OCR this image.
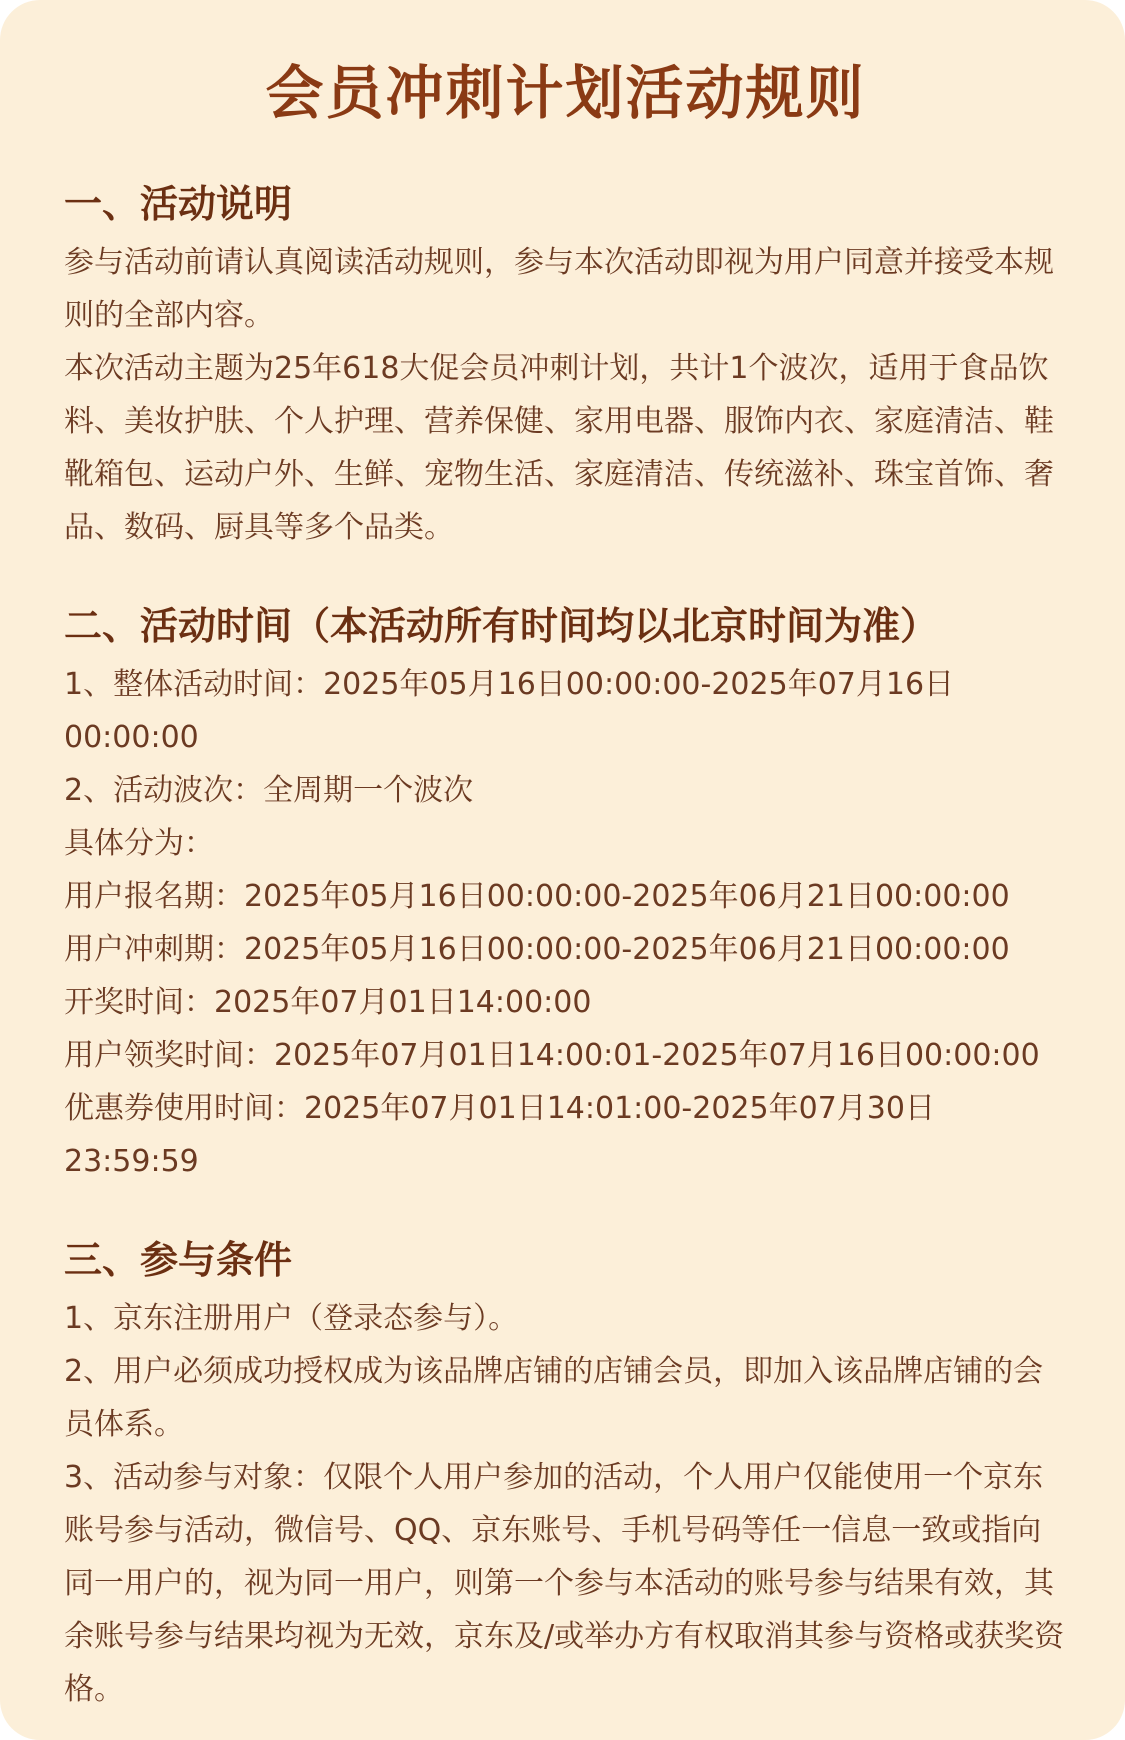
会员冲刺计划活动规则
一、活动说明

参与活动前请认真阅读活动规则，参与本次活动即视为用户同意并接受本规则的全部内容。

本次活动主题为25年618大促会员冲刺计划，共计1个波次，适用于食品饮料、美妆护肤、个人护理、营养保健、家用电器、服饰内衣、家庭清洁、鞋靴箱包、运动户外、生鲜、宠物生活、家庭清洁、传统滋补、珠宝首饰、奢品、数码、厨具等多个品类。

二、活动时间（本活动所有时间均以北京时间为准）

1、整体活动时间：2025年05月16日00:00:00-2025年07月16日00:00:00

2、活动波次：全周期一个波次

具体分为：

用户报名期：2025年05月16日00:00:00-2025年06月21日00:00:00

用户冲刺期：2025年05月16日00:00:00-2025年06月21日00:00:00

开奖时间：2025年07月01日14:00:00

用户领奖时间：2025年07月01日14:00:01-2025年07月16日00:00:00

优惠券使用时间：2025年07月01日14:01:00-2025年07月30日23:59:59

三、参与条件

1、京东注册用户（登录态参与）。

2、用户必须成功授权成为该品牌店铺的店铺会员，即加入该品牌店铺的会员体系。

3、活动参与对象：仅限个人用户参加的活动，个人用户仅能使用一个京东账号参与活动，微信号、QQ、京东账号、手机号码等任一信息一致或指向同一用户的，视为同一用户，则第一个参与本活动的账号参与结果有效，其余账号参与结果均视为无效，京东及/或举办方有权取消其参与资格或获奖资格。
